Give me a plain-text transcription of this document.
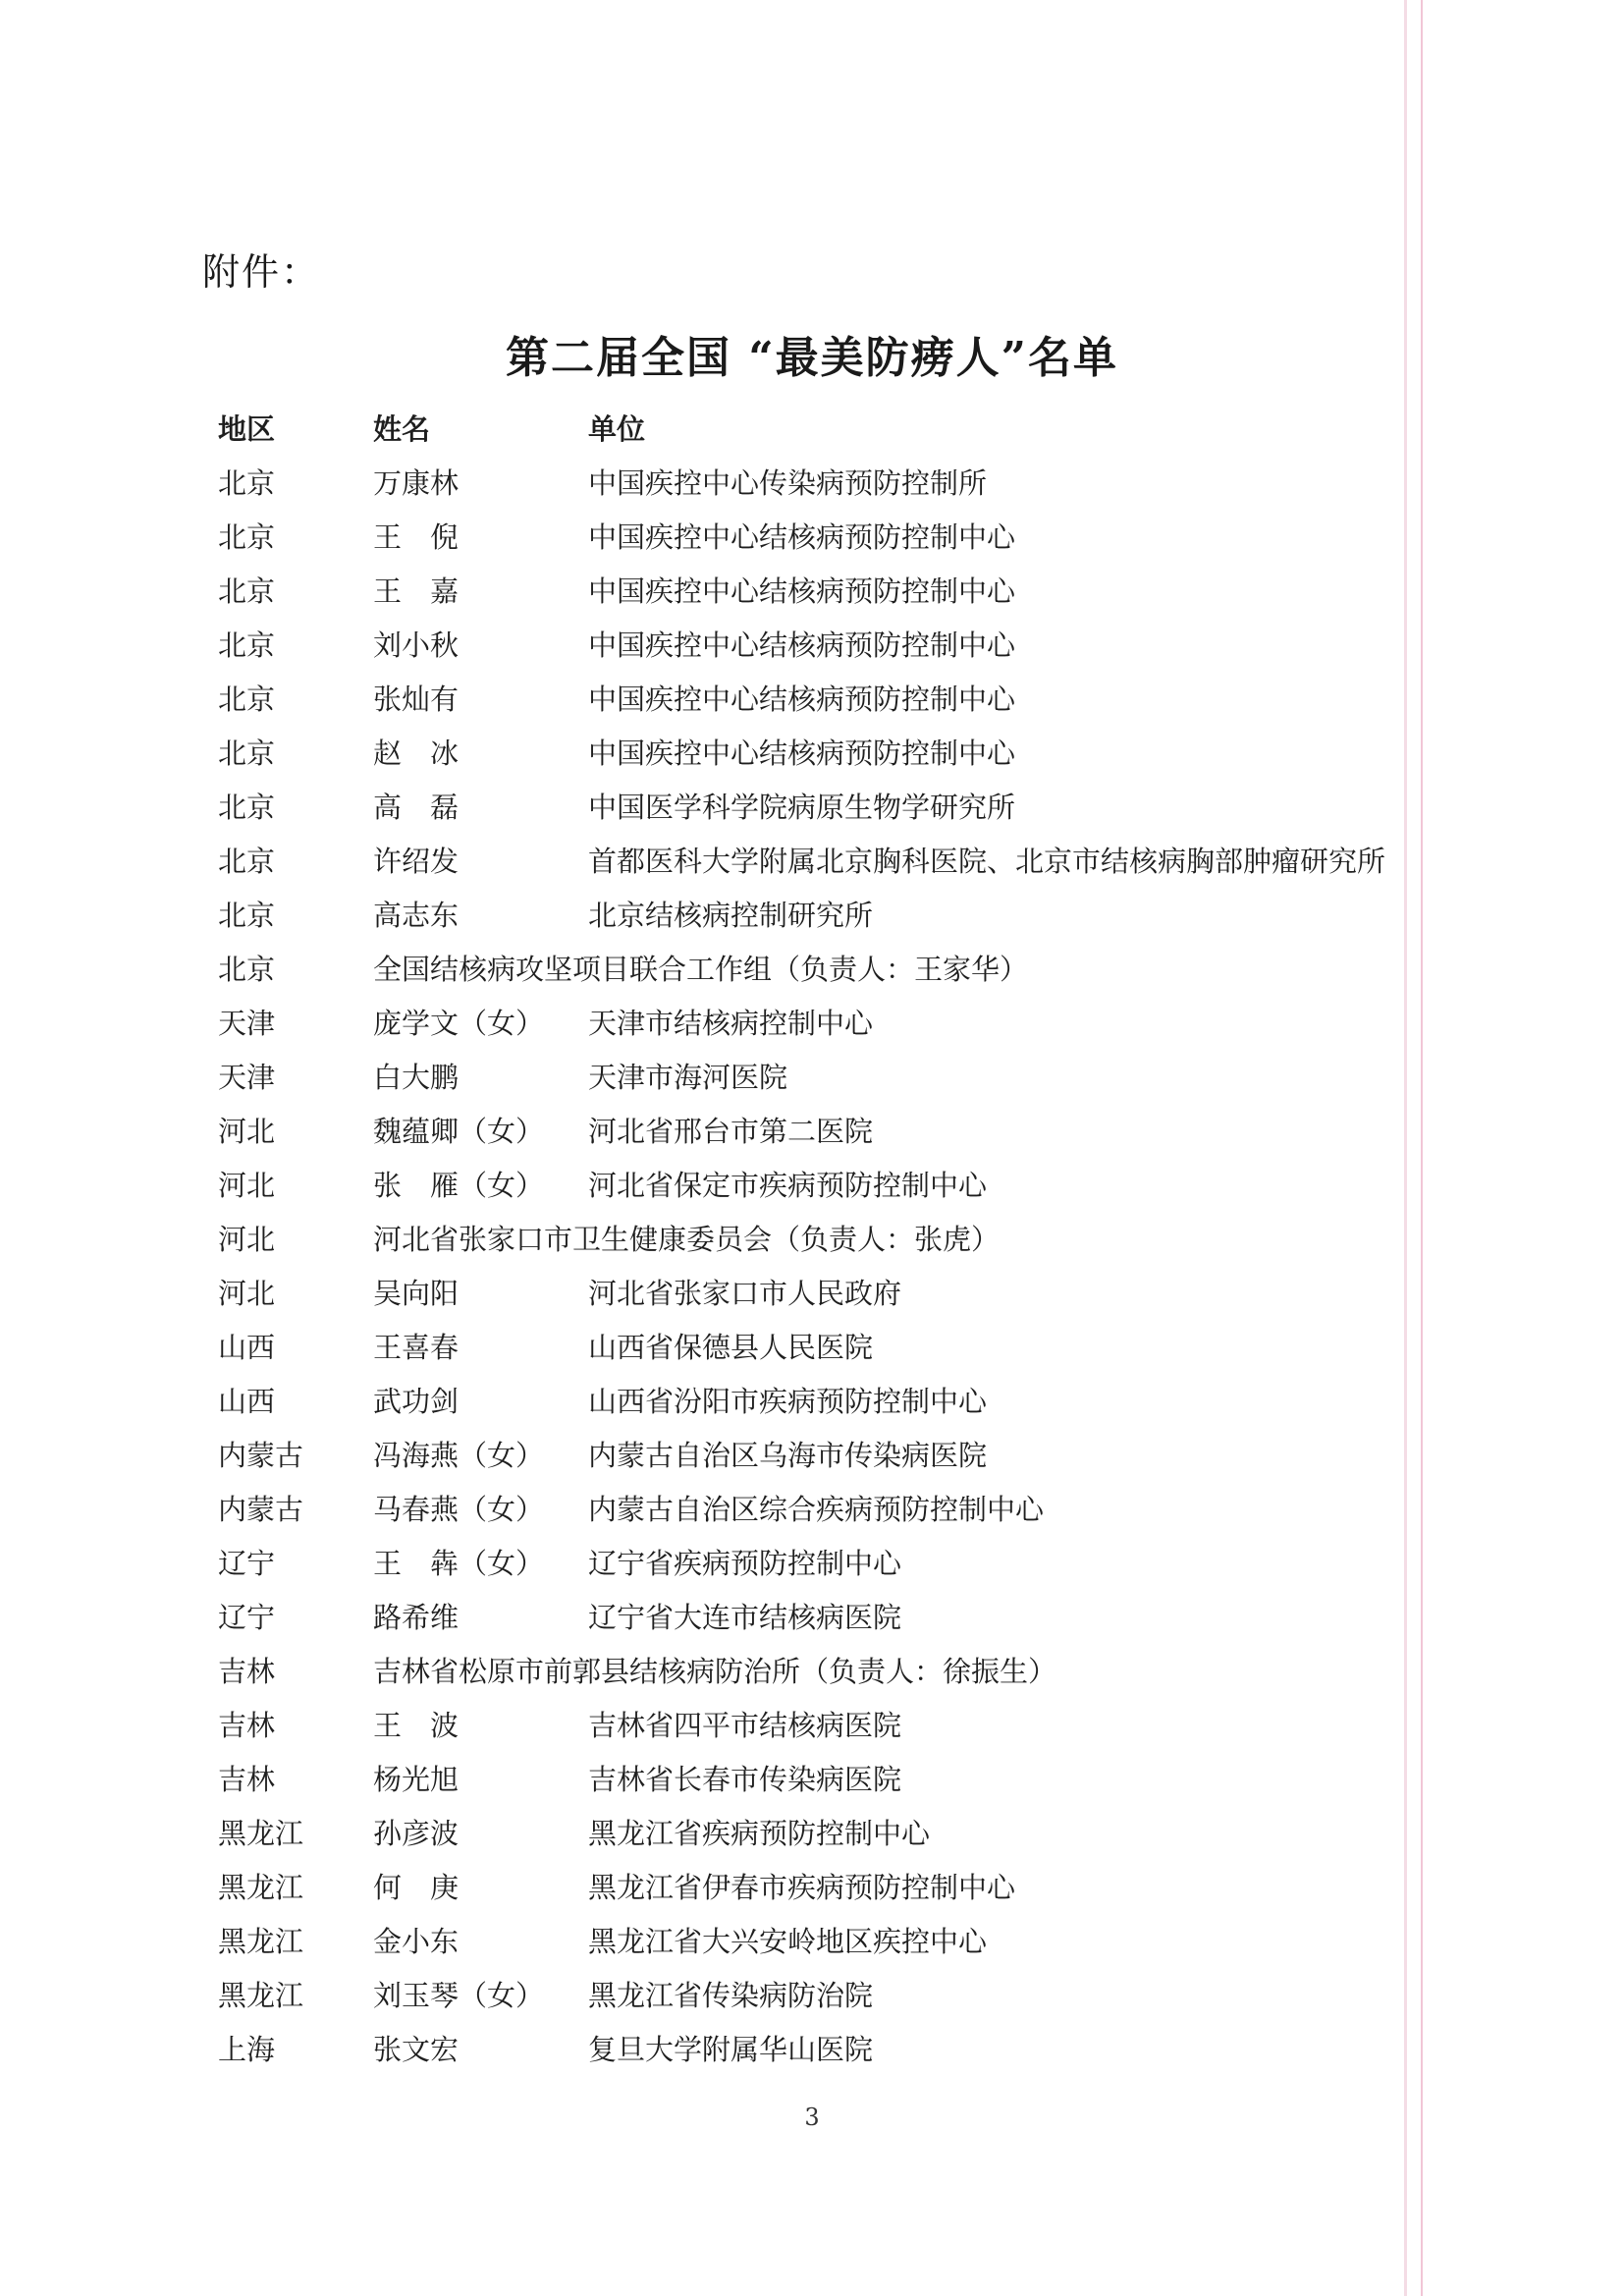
附件：
第二届全国 “最美防痨人”名单
地区	姓名	单位
北京	万康林	中国疾控中心传染病预防控制所
北京	王　倪	中国疾控中心结核病预防控制中心
北京	王　嘉	中国疾控中心结核病预防控制中心
北京	刘小秋	中国疾控中心结核病预防控制中心
北京	张灿有	中国疾控中心结核病预防控制中心
北京	赵　冰	中国疾控中心结核病预防控制中心
北京	高　磊	中国医学科学院病原生物学研究所
北京	许绍发	首都医科大学附属北京胸科医院、北京市结核病胸部肿瘤研究所
北京	高志东	北京结核病控制研究所
北京	全国结核病攻坚项目联合工作组（负责人：王家华）
天津	庞学文（女） 天津市结核病控制中心
天津	白大鹏	天津市海河医院
河北	魏蕴卿（女） 河北省邢台市第二医院
河北	张　雁（女） 河北省保定市疾病预防控制中心
河北	河北省张家口市卫生健康委员会（负责人：张虎）
河北	吴向阳	河北省张家口市人民政府
山西	王喜春	山西省保德县人民医院
山西	武功剑	山西省汾阳市疾病预防控制中心
内蒙古 冯海燕（女） 内蒙古自治区乌海市传染病医院
内蒙古 马春燕（女） 内蒙古自治区综合疾病预防控制中心
辽宁	王　犇（女） 辽宁省疾病预防控制中心
辽宁	路希维	辽宁省大连市结核病医院
吉林	吉林省松原市前郭县结核病防治所（负责人：徐振生）
吉林	王　波	吉林省四平市结核病医院
吉林	杨光旭	吉林省长春市传染病医院
黑龙江 孙彦波	黑龙江省疾病预防控制中心
黑龙江 何　庚	黑龙江省伊春市疾病预防控制中心
黑龙江 金小东	黑龙江省大兴安岭地区疾控中心
黑龙江 刘玉琴（女） 黑龙江省传染病防治院
上海	张文宏	复旦大学附属华山医院
3
